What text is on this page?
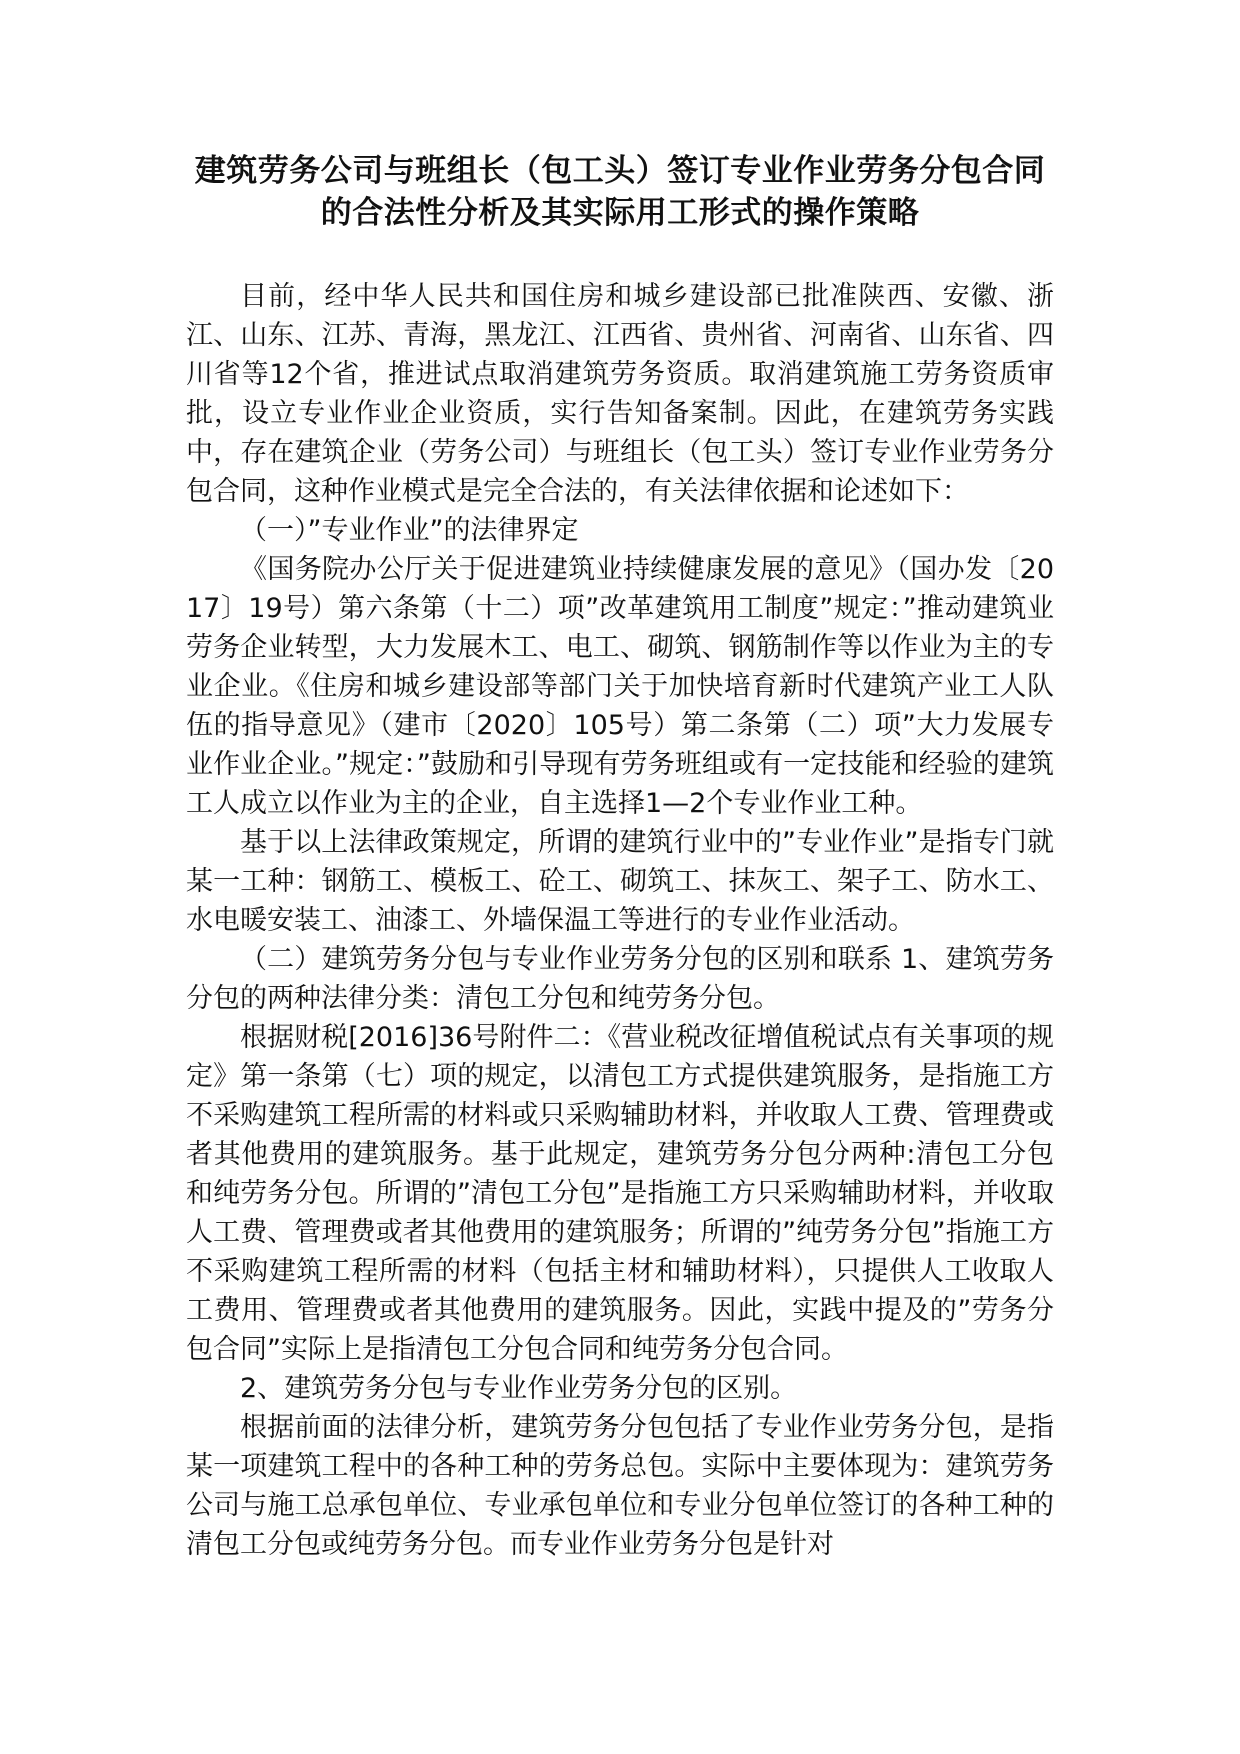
建筑劳务公司与班组长（包工头）签订专业作业劳务分包合同
的合法性分析及其实际用工形式的操作策略

目前，经中华人民共和国住房和城乡建设部已批准陕西、安徽、浙江、山东、江苏、青海，黑龙江、江西省、贵州省、河南省、山东省、四川省等12个省，推进试点取消建筑劳务资质。取消建筑施工劳务资质审批，设立专业作业企业资质，实行告知备案制。因此，在建筑劳务实践中，存在建筑企业（劳务公司）与班组长（包工头）签订专业作业劳务分包合同，这种作业模式是完全合法的，有关法律依据和论述如下：

（一）”专业作业”的法律界定

《国务院办公厅关于促进建筑业持续健康发展的意见》（国办发〔2017〕19号）第六条第（十二）项”改革建筑用工制度”规定：”推动建筑业劳务企业转型，大力发展木工、电工、砌筑、钢筋制作等以作业为主的专业企业。《住房和城乡建设部等部门关于加快培育新时代建筑产业工人队伍的指导意见》（建市〔2020〕105号）第二条第（二）项”大力发展专业作业企业。”规定：”鼓励和引导现有劳务班组或有一定技能和经验的建筑工人成立以作业为主的企业，自主选择1—2个专业作业工种。

基于以上法律政策规定，所谓的建筑行业中的”专业作业”是指专门就某一工种：钢筋工、模板工、砼工、砌筑工、抹灰工、架子工、防水工、水电暖安装工、油漆工、外墙保温工等进行的专业作业活动。

（二）建筑劳务分包与专业作业劳务分包的区别和联系 1、建筑劳务分包的两种法律分类：清包工分包和纯劳务分包。

根据财税[2016]36号附件二：《营业税改征增值税试点有关事项的规定》第一条第（七）项的规定，以清包工方式提供建筑服务，是指施工方不采购建筑工程所需的材料或只采购辅助材料，并收取人工费、管理费或者其他费用的建筑服务。基于此规定，建筑劳务分包分两种:清包工分包和纯劳务分包。所谓的”清包工分包”是指施工方只采购辅助材料，并收取人工费、管理费或者其他费用的建筑服务；所谓的”纯劳务分包”指施工方不采购建筑工程所需的材料（包括主材和辅助材料），只提供人工收取人工费用、管理费或者其他费用的建筑服务。因此，实践中提及的”劳务分包合同”实际上是指清包工分包合同和纯劳务分包合同。

2、建筑劳务分包与专业作业劳务分包的区别。

根据前面的法律分析，建筑劳务分包包括了专业作业劳务分包，是指某一项建筑工程中的各种工种的劳务总包。实际中主要体现为：建筑劳务公司与施工总承包单位、专业承包单位和专业分包单位签订的各种工种的清包工分包或纯劳务分包。而专业作业劳务分包是针对
